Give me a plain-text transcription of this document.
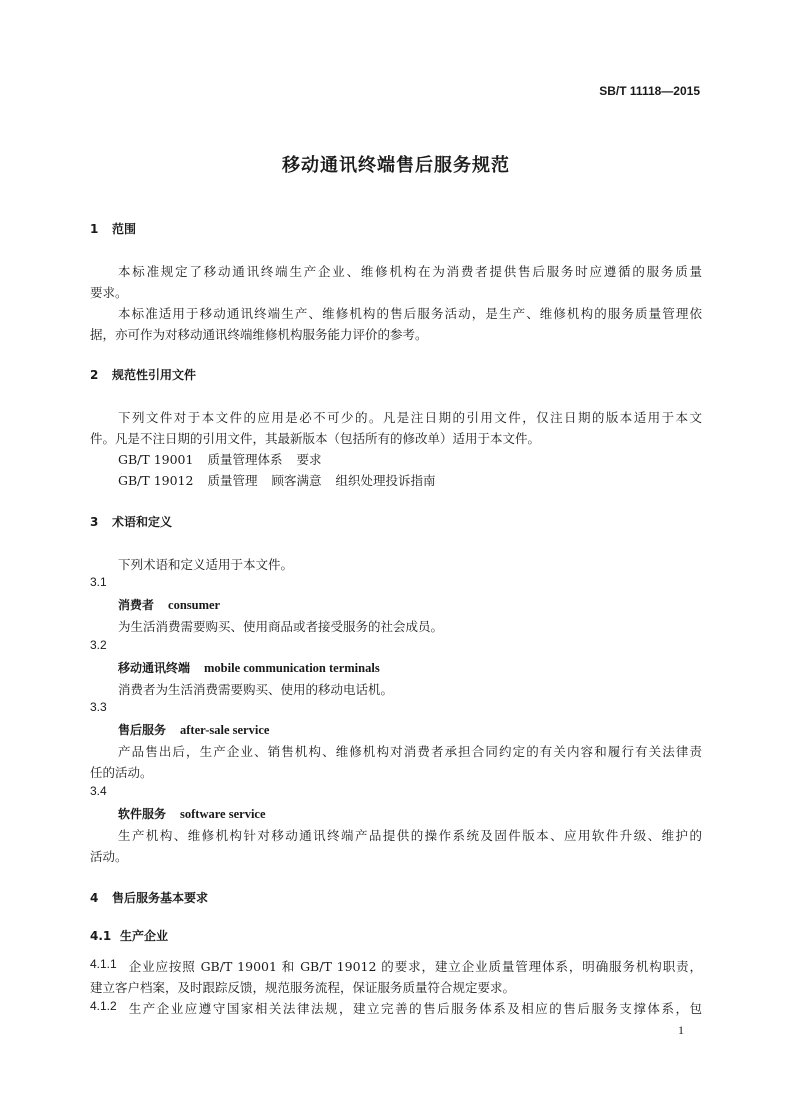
SB/T 11118—2015
移动通讯终端售后服务规范
1 范围
本标准规定了移动通讯终端生产企业、维修机构在为消费者提供售后服务时应遵循的服务质量
要求。
本标准适用于移动通讯终端生产、维修机构的售后服务活动，是生产、维修机构的服务质量管理依
据，亦可作为对移动通讯终端维修机构服务能力评价的参考。
2 规范性引用文件
下列文件对于本文件的应用是必不可少的。凡是注日期的引用文件，仅注日期的版本适用于本文
件。凡是不注日期的引用文件，其最新版本（包括所有的修改单）适用于本文件。
GB/T 19001 质量管理体系 要求
GB/T 19012 质量管理 顾客满意 组织处理投诉指南
3 术语和定义
下列术语和定义适用于本文件。
3.1
消费者 consumer
为生活消费需要购买、使用商品或者接受服务的社会成员。
3.2
移动通讯终端 mobile communication terminals
消费者为生活消费需要购买、使用的移动电话机。
3.3
售后服务 after-sale service
产品售出后，生产企业、销售机构、维修机构对消费者承担合同约定的有关内容和履行有关法律责
任的活动。
3.4
软件服务 software service
生产机构、维修机构针对移动通讯终端产品提供的操作系统及固件版本、应用软件升级、维护的
活动。
4 售后服务基本要求
4.1 生产企业
4.1.1 企业应按照 GB/T 19001 和 GB/T 19012 的要求，建立企业质量管理体系，明确服务机构职责，
建立客户档案，及时跟踪反馈，规范服务流程，保证服务质量符合规定要求。
4.1.2 生产企业应遵守国家相关法律法规，建立完善的售后服务体系及相应的售后服务支撑体系，包
1
